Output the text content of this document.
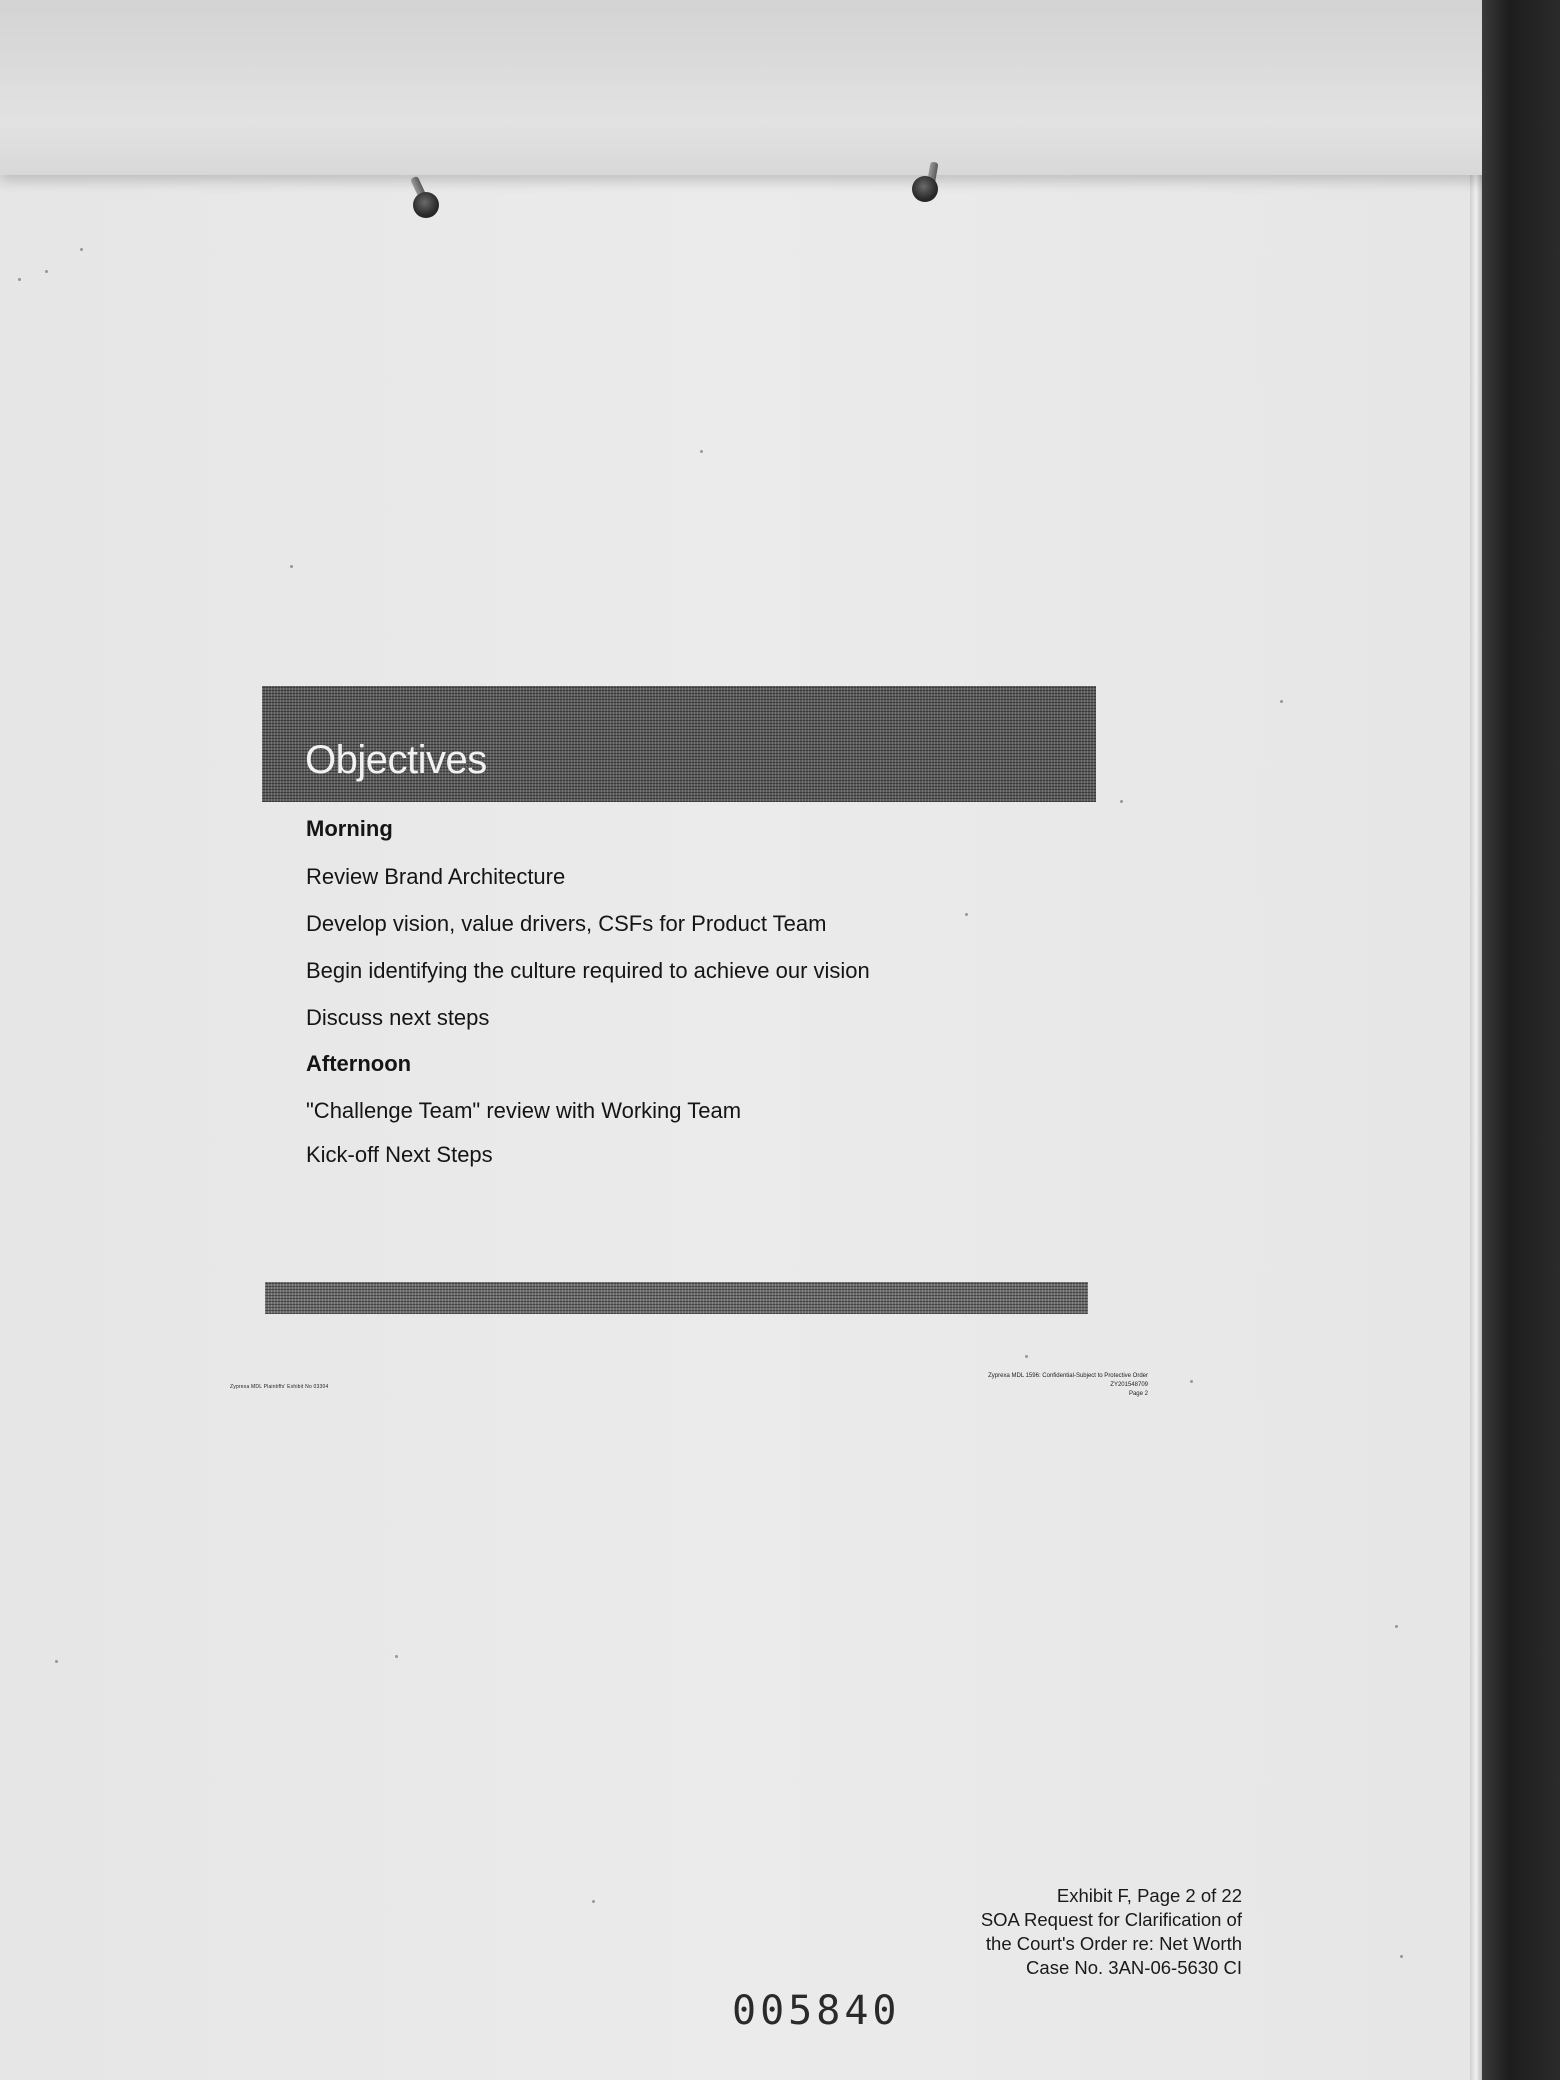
Objectives
Morning
Review Brand Architecture
Develop vision, value drivers, CSFs for Product Team
Begin identifying the culture required to achieve our vision
Discuss next steps
Afternoon
"Challenge Team" review with Working Team
Kick-off Next Steps
Zyprexa MDL Plaintiffs' Exhibit No 03304
Zyprexa MDL 1596: Confidential-Subject to Protective Order
ZY201548709
Page 2
Exhibit F, Page 2 of 22
SOA Request for Clarification of
the Court's Order re: Net Worth
Case No. 3AN-06-5630 CI
005840
